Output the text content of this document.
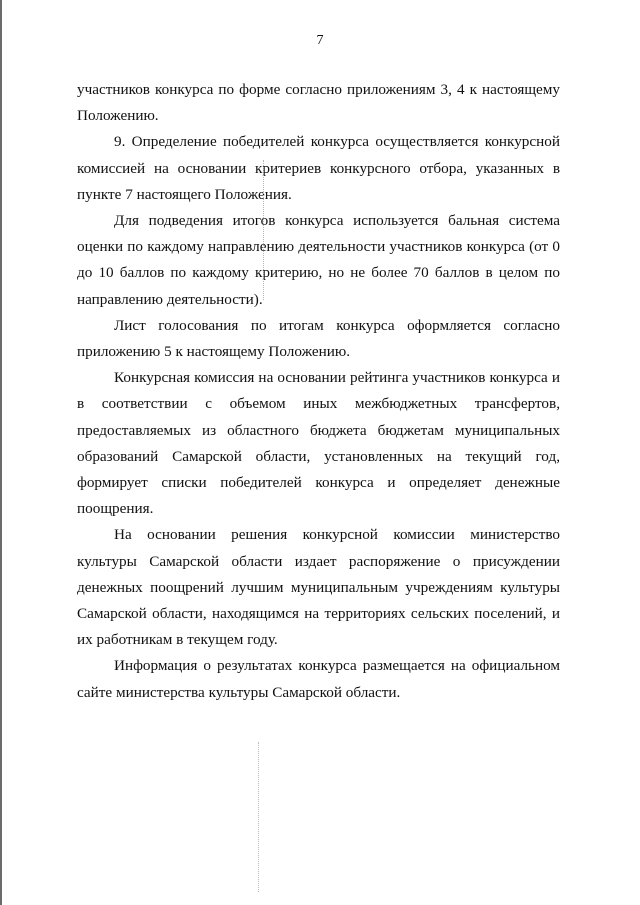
7

участников конкурса по форме согласно приложениям 3, 4 к настоящему Положению.

9. Определение победителей конкурса осуществляется конкурсной комиссией на основании критериев конкурсного отбора, указанных в пункте 7 настоящего Положения.

Для подведения итогов конкурса используется бальная система оценки по каждому направлению деятельности участников конкурса (от 0 до 10 баллов по каждому критерию, но не более 70 баллов в целом по направлению деятельности).

Лист голосования по итогам конкурса оформляется согласно приложению 5 к настоящему Положению.

Конкурсная комиссия на основании рейтинга участников конкурса и в соответствии с объемом иных межбюджетных трансфертов, предоставляемых из областного бюджета бюджетам муниципальных образований Самарской области, установленных на текущий год, формирует списки победителей конкурса и определяет денежные поощрения.

На основании решения конкурсной комиссии министерство культуры Самарской области издает распоряжение о присуждении денежных поощрений лучшим муниципальным учреждениям культуры Самарской области, находящимся на территориях сельских поселений, и их работникам в текущем году.

Информация о результатах конкурса размещается на официальном сайте министерства культуры Самарской области.
